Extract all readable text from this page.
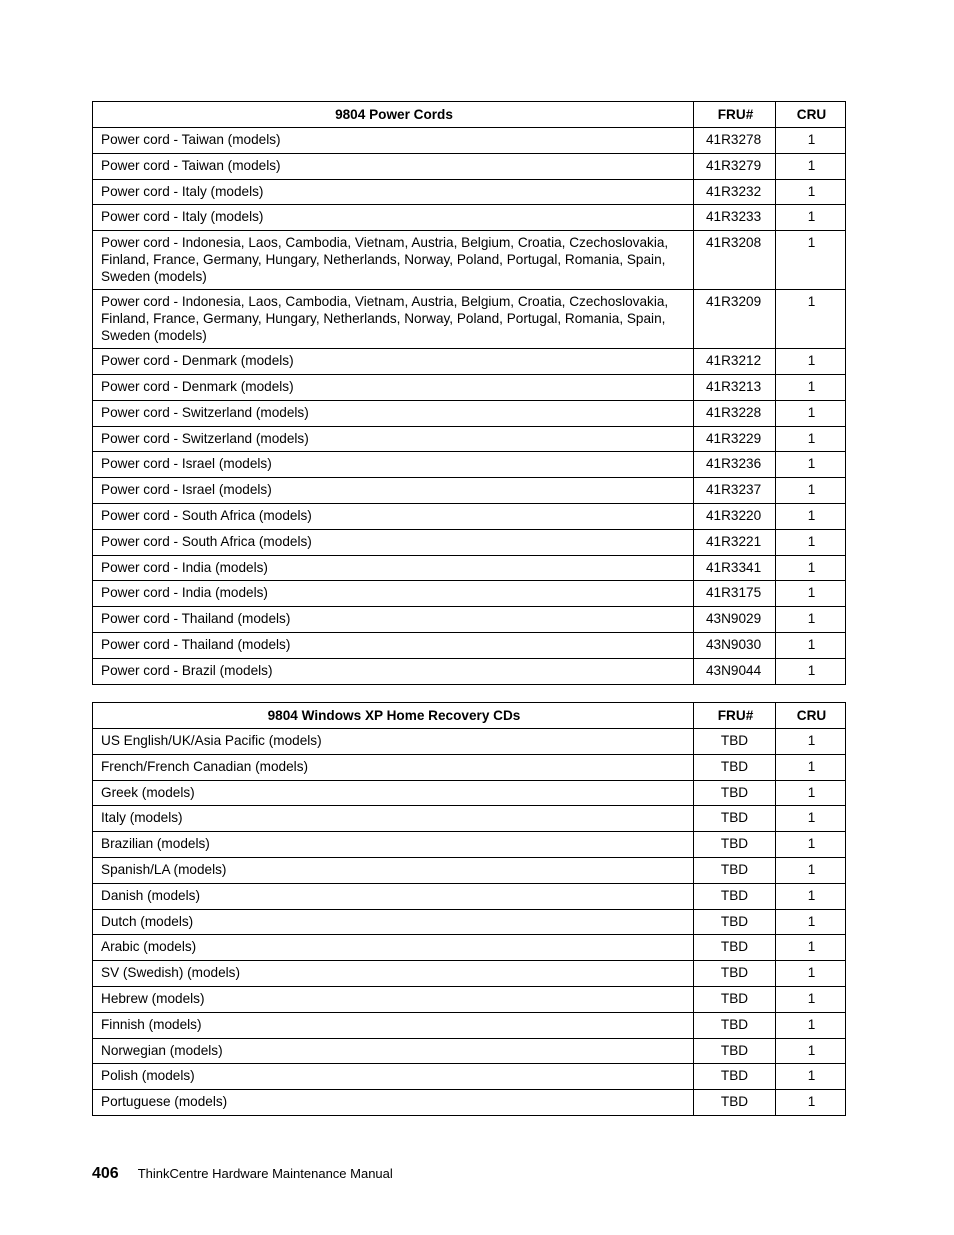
9804 Power Cords	FRU#	CRU
Power cord - Taiwan (models)	41R3278	1
Power cord - Taiwan (models)	41R3279	1
Power cord - Italy (models)	41R3232	1
Power cord - Italy (models)	41R3233	1
Power cord - Indonesia, Laos, Cambodia, Vietnam, Austria, Belgium, Croatia, Czechoslovakia, Finland, France, Germany, Hungary, Netherlands, Norway, Poland, Portugal, Romania, Spain, Sweden (models)	41R3208	1
Power cord - Indonesia, Laos, Cambodia, Vietnam, Austria, Belgium, Croatia, Czechoslovakia, Finland, France, Germany, Hungary, Netherlands, Norway, Poland, Portugal, Romania, Spain, Sweden (models)	41R3209	1
Power cord - Denmark (models)	41R3212	1
Power cord - Denmark (models)	41R3213	1
Power cord - Switzerland (models)	41R3228	1
Power cord - Switzerland (models)	41R3229	1
Power cord - Israel (models)	41R3236	1
Power cord - Israel (models)	41R3237	1
Power cord - South Africa (models)	41R3220	1
Power cord - South Africa (models)	41R3221	1
Power cord - India (models)	41R3341	1
Power cord - India (models)	41R3175	1
Power cord - Thailand (models)	43N9029	1
Power cord - Thailand (models)	43N9030	1
Power cord - Brazil (models)	43N9044	1
9804 Windows XP Home Recovery CDs	FRU#	CRU
US English/UK/Asia Pacific (models)	TBD	1
French/French Canadian (models)	TBD	1
Greek (models)	TBD	1
Italy (models)	TBD	1
Brazilian (models)	TBD	1
Spanish/LA (models)	TBD	1
Danish (models)	TBD	1
Dutch (models)	TBD	1
Arabic (models)	TBD	1
SV (Swedish) (models)	TBD	1
Hebrew (models)	TBD	1
Finnish (models)	TBD	1
Norwegian (models)	TBD	1
Polish (models)	TBD	1
Portuguese (models)	TBD	1
406 ThinkCentre Hardware Maintenance Manual
